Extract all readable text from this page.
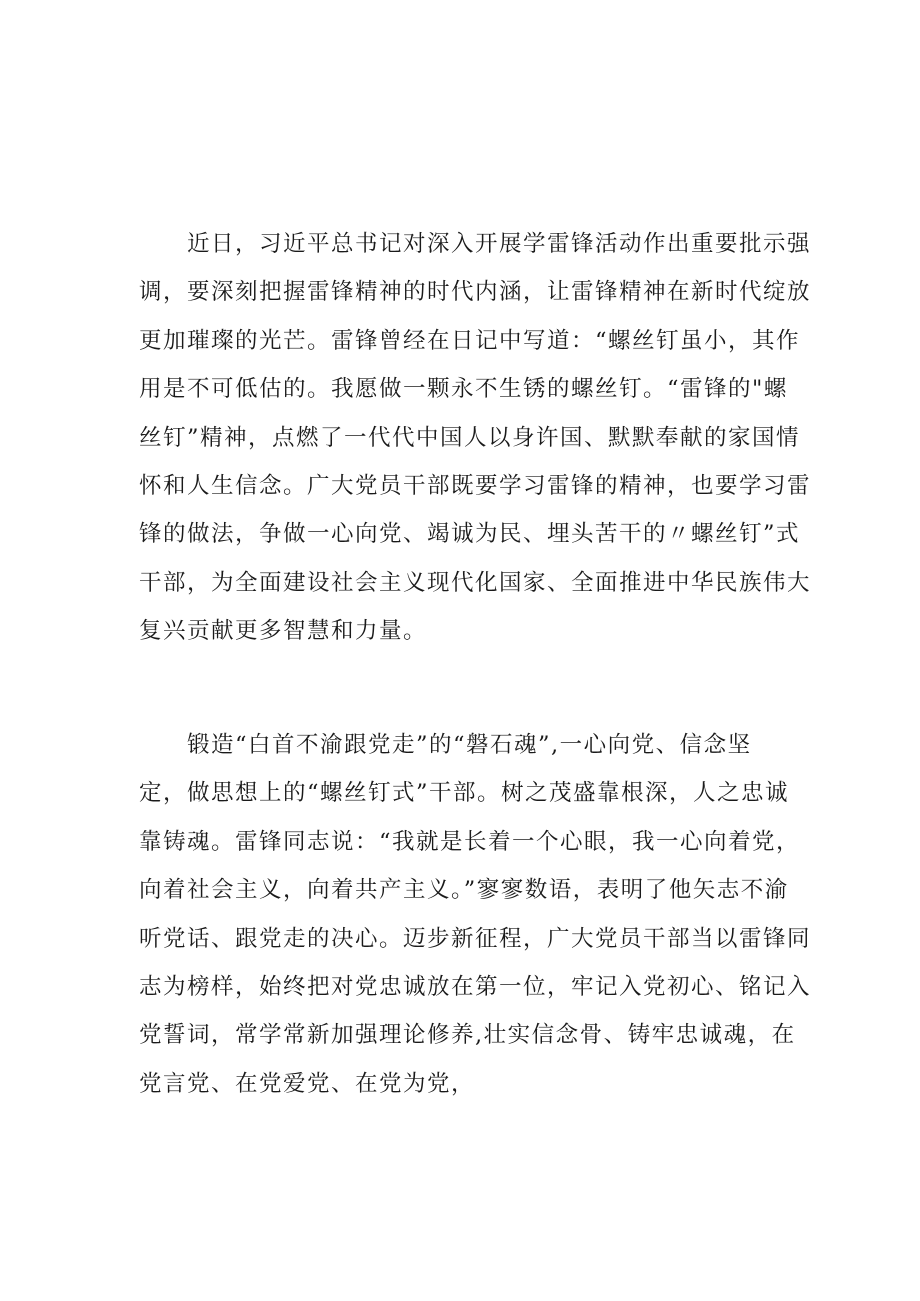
近日，习近平总书记对深入开展学雷锋活动作出重要批示强
调，要深刻把握雷锋精神的时代内涵，让雷锋精神在新时代绽放
更加璀璨的光芒。雷锋曾经在日记中写道：“螺丝钉虽小，其作
用是不可低估的。我愿做一颗永不生锈的螺丝钉。“雷锋的"螺
丝钉”精神，点燃了一代代中国人以身许国、默默奉献的家国情
怀和人生信念。广大党员干部既要学习雷锋的精神，也要学习雷
锋的做法，争做一心向党、竭诚为民、埋头苦干的〃螺丝钉”式
干部，为全面建设社会主义现代化国家、全面推进中华民族伟大
复兴贡献更多智慧和力量。

锻造“白首不渝跟党走”的“磐石魂”,一心向党、信念坚
定，做思想上的“螺丝钉式”干部。树之茂盛靠根深，人之忠诚
靠铸魂。雷锋同志说：“我就是长着一个心眼，我一心向着党，
向着社会主义，向着共产主义。”寥寥数语，表明了他矢志不渝
听党话、跟党走的决心。迈步新征程，广大党员干部当以雷锋同
志为榜样，始终把对党忠诚放在第一位，牢记入党初心、铭记入
党誓词，常学常新加强理论修养,壮实信念骨、铸牢忠诚魂，在
党言党、在党爱党、在党为党，
